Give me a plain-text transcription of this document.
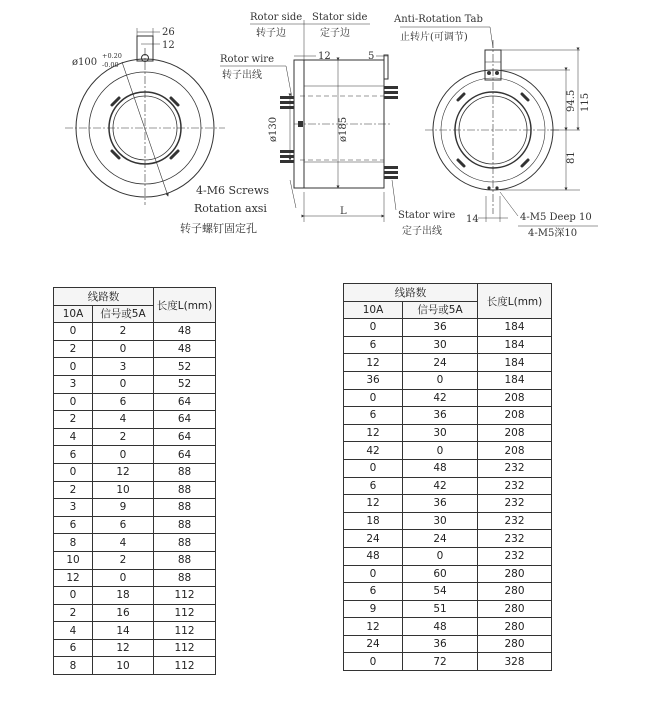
26
12
ø100
+0.20
-0.00
Rotor side
转子边
Stator side
定子边
Rotor wire
转子出线
12	5
ø130	ø185
L
4-M6 Screws
Rotation axsi
转子螺钉固定孔
Stator wire
定子出线
Anti-Rotation Tab
止转片(可调节)
94.5 115
81
14	4-M5 Deep 10
4-M5深10
线路数		长度L(mm)
10A	信号或5A	
0	2	48
2	0	48
0	3	52
3	0	52
0	6	64
2	4	64
4	2	64
6	0	64
0	12	88
2	10	88
3	9	88
6	6	88
8	4	88
10	2	88
12	0	88
0	18	112
2	16	112
4	14	112
6	12	112
8	10	112
线路数		长度L(mm)
10A	信号或5A	
0	36	184
6	30	184
12	24	184
36	0	184
0	42	208
6	36	208
12	30	208
42	0	208
0	48	232
6	42	232
12	36	232
18	30	232
24	24	232
48	0	232
0	60	280
6	54	280
9	51	280
12	48	280
24	36	280
0	72	328
